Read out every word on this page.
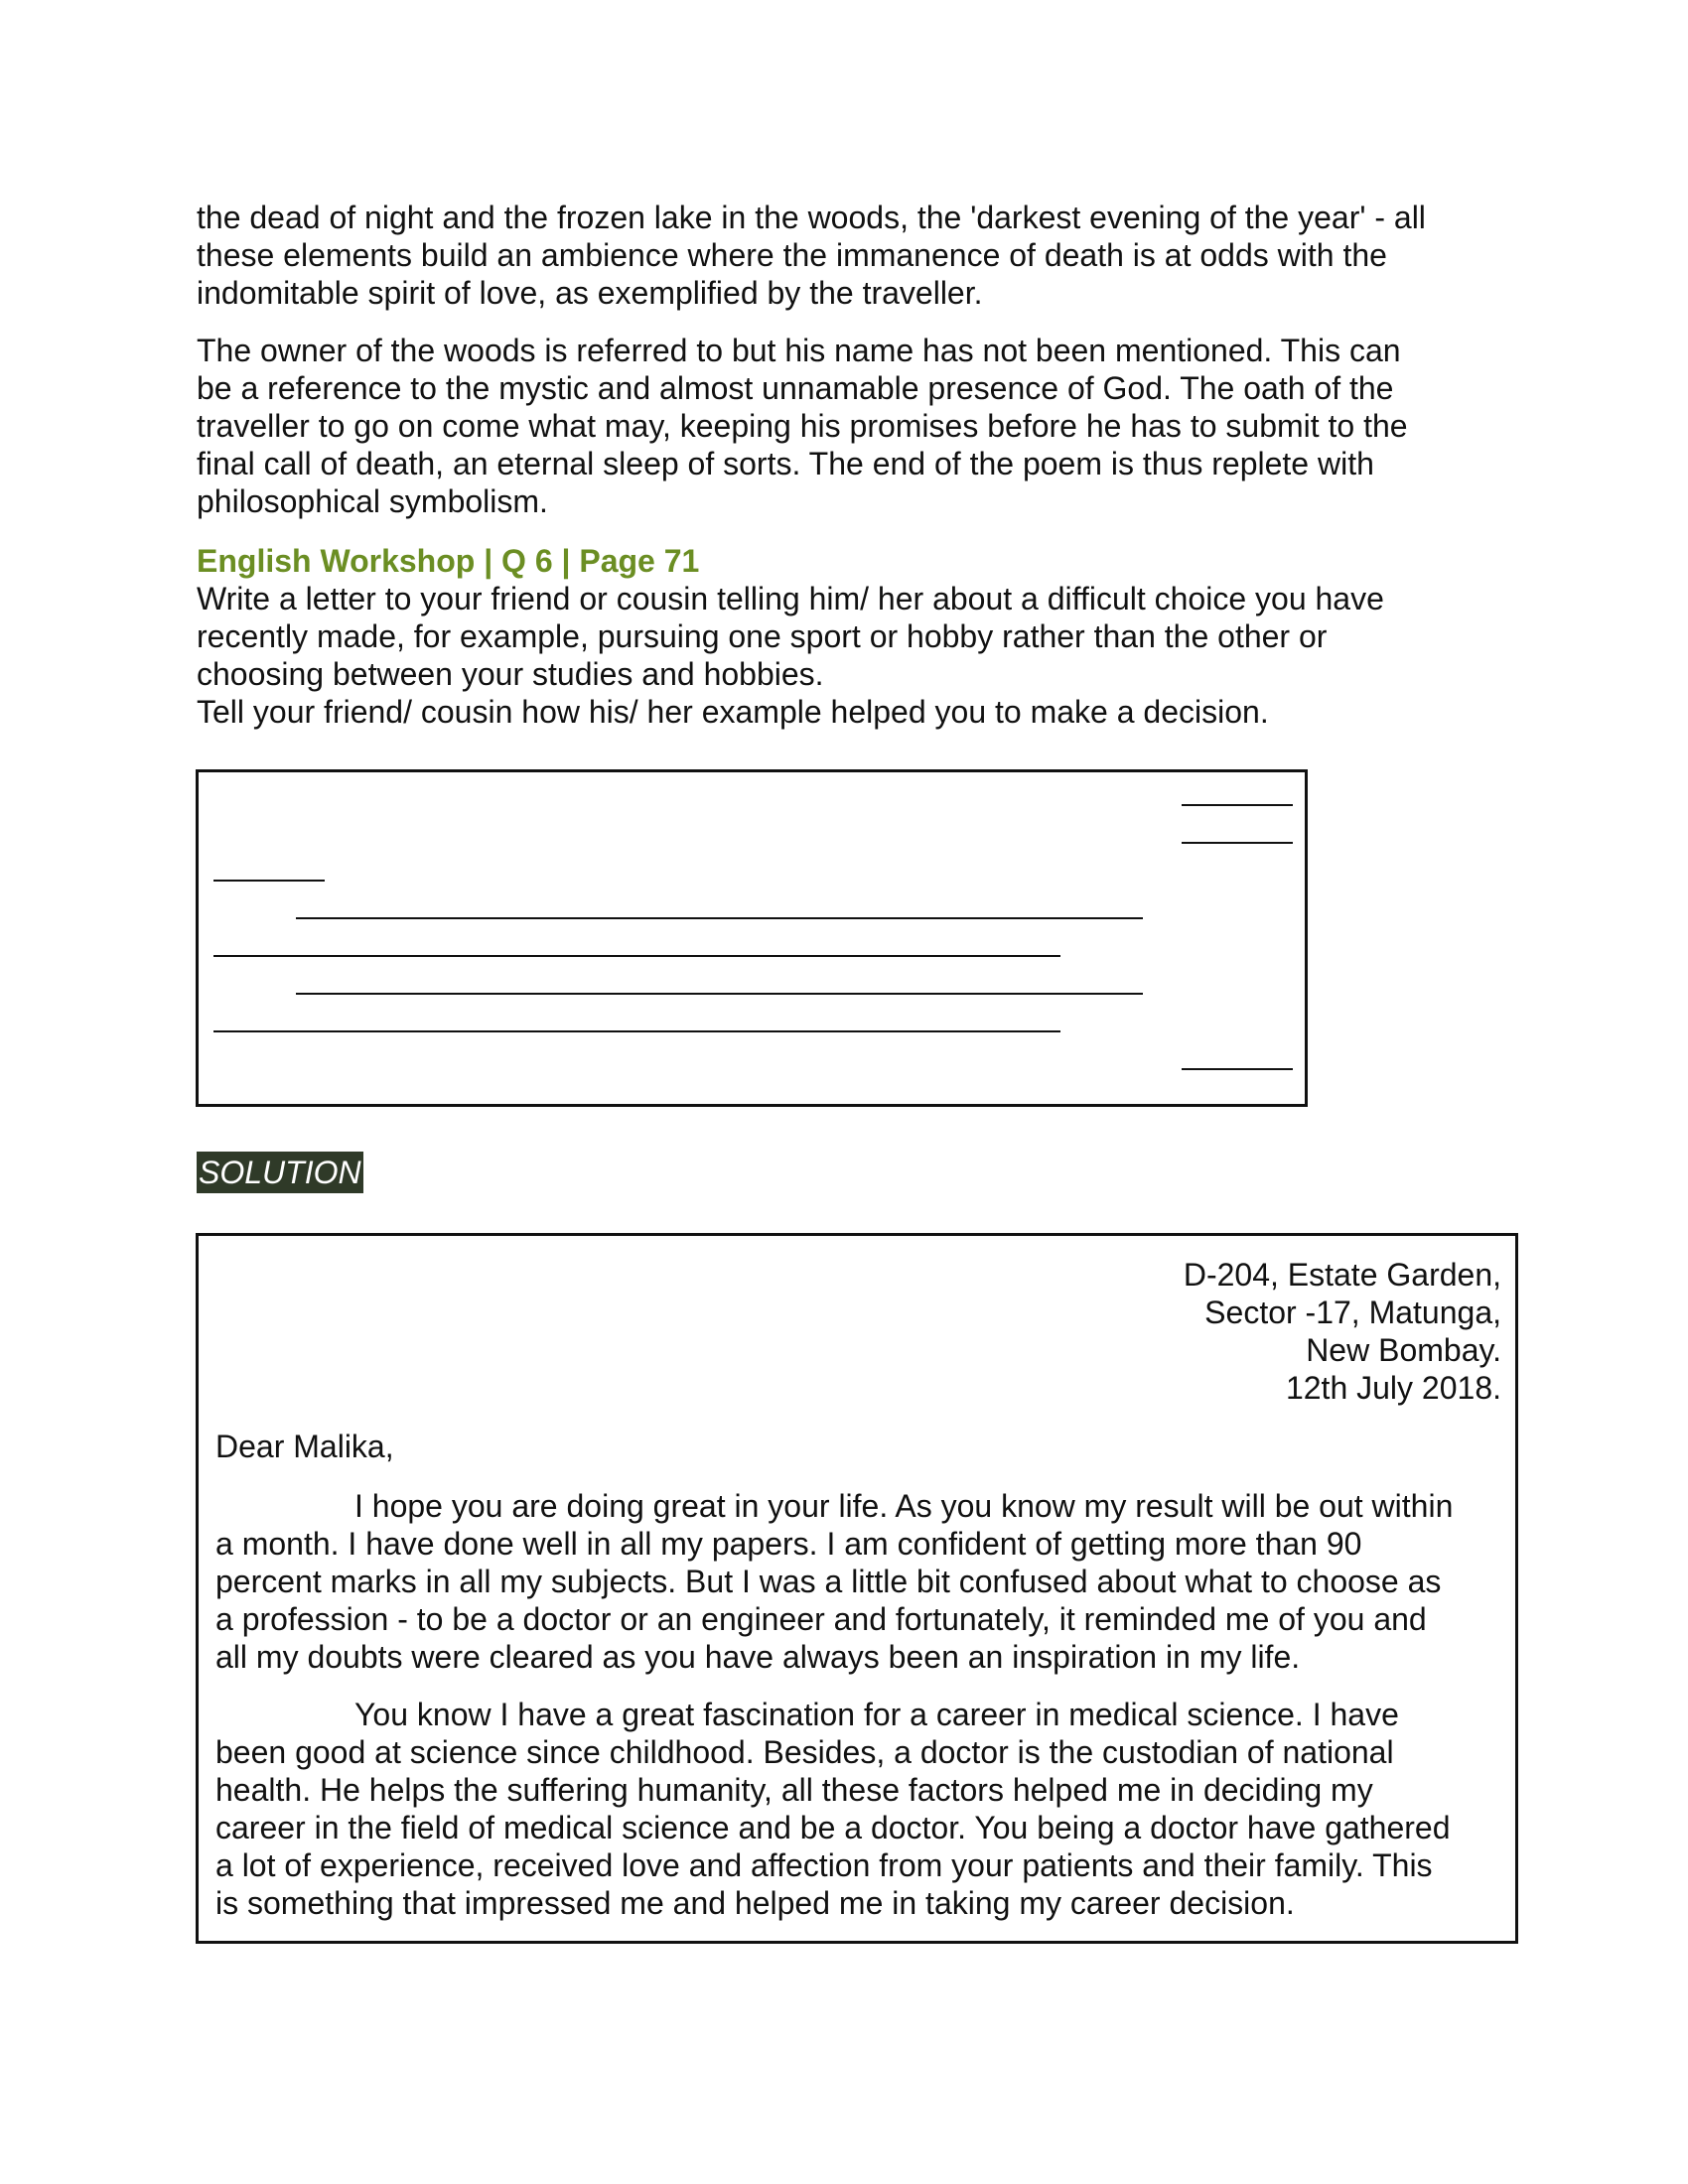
the dead of night and the frozen lake in the woods, the 'darkest evening of the year' - all
these elements build an ambience where the immanence of death is at odds with the
indomitable spirit of love, as exemplified by the traveller.

The owner of the woods is referred to but his name has not been mentioned. This can
be a reference to the mystic and almost unnamable presence of God. The oath of the
traveller to go on come what may, keeping his promises before he has to submit to the
final call of death, an eternal sleep of sorts. The end of the poem is thus replete with
philosophical symbolism.

English Workshop | Q 6 | Page 71

Write a letter to your friend or cousin telling him/ her about a difficult choice you have
recently made, for example, pursuing one sport or hobby rather than the other or
choosing between your studies and hobbies.
Tell your friend/ cousin how his/ her example helped you to make a decision.

SOLUTION
D-204, Estate Garden,
Sector -17, Matunga,
New Bombay.
12th July 2018.
Dear Malika,
I hope you are doing great in your life. As you know my result will be out within
a month. I have done well in all my papers. I am confident of getting more than 90
percent marks in all my subjects. But I was a little bit confused about what to choose as
a profession - to be a doctor or an engineer and fortunately, it reminded me of you and
all my doubts were cleared as you have always been an inspiration in my life.
You know I have a great fascination for a career in medical science. I have
been good at science since childhood. Besides, a doctor is the custodian of national
health. He helps the suffering humanity, all these factors helped me in deciding my
career in the field of medical science and be a doctor. You being a doctor have gathered
a lot of experience, received love and affection from your patients and their family. This
is something that impressed me and helped me in taking my career decision.
